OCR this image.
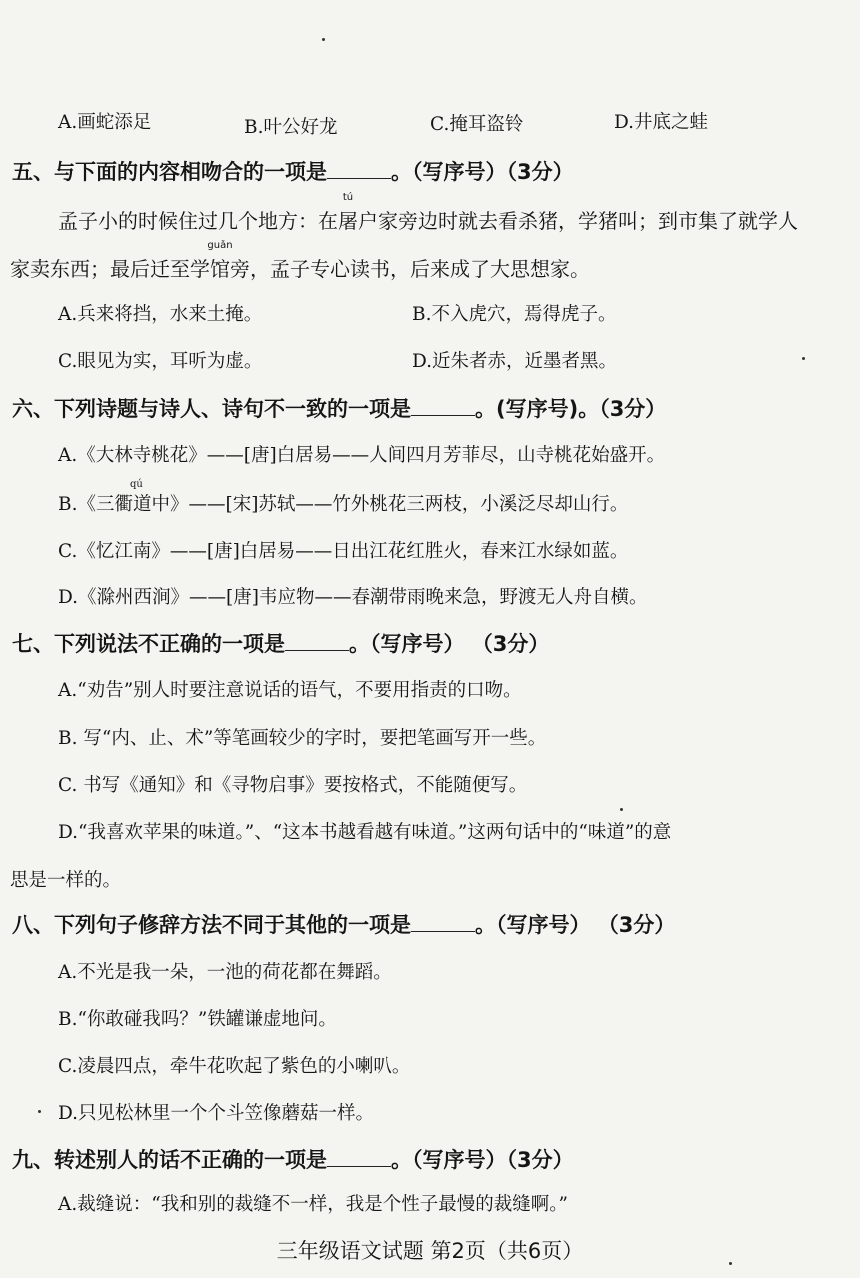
A.画蛇添足	B.叶公好龙	C.掩耳盗铃	D.井底之蛙
五、与下面的内容相吻合的一项是	。（写序号）（3分）
孟子小的时候住过几个地方：在
tú
屠户家旁边时就去看杀猪，学猪叫；到市集了就学人
家卖东西；最后迁至学
guǎn
馆旁，孟子专心读书，后来成了大思想家。
A.兵来将挡，水来土掩。	B.不入虎穴，焉得虎子。
C.眼见为实，耳听为虚。	D.近朱者赤，近墨者黑。
六、下列诗题与诗人、诗句不一致的一项是	。(写序号)。（3分）
A.《大林寺桃花》——[唐]白居易——人间四月芳菲尽，山寺桃花始盛开。
qú
B.《三衢道中》——[宋]苏轼——竹外桃花三两枝，小溪泛尽却山行。
C.《忆江南》——[唐]白居易——日出江花红胜火，春来江水绿如蓝。
D.《滁州西涧》——[唐]韦应物——春潮带雨晚来急，野渡无人舟自横。
七、下列说法不正确的一项是	。（写序号） （3分）
A.“劝告”别人时要注意说话的语气，不要用指责的口吻。
B. 写“内、止、术”等笔画较少的字时，要把笔画写开一些。
C. 书写《通知》和《寻物启事》要按格式，不能随便写。
D.“我喜欢苹果的味道。”、“这本书越看越有味道。”这两句话中的“味道”的意
思是一样的。
八、下列句子修辞方法不同于其他的一项是	。（写序号） （3分）
A.不光是我一朵，一池的荷花都在舞蹈。
B.“你敢碰我吗？”铁罐谦虚地问。
C.凌晨四点，牵牛花吹起了紫色的小喇叭。
D.只见松林里一个个斗笠像蘑菇一样。
九、转述别人的话不正确的一项是	。（写序号）（3分）
A.裁缝说：“我和别的裁缝不一样，我是个性子最慢的裁缝啊。”
三年级语文试题 第2页（共6页）
